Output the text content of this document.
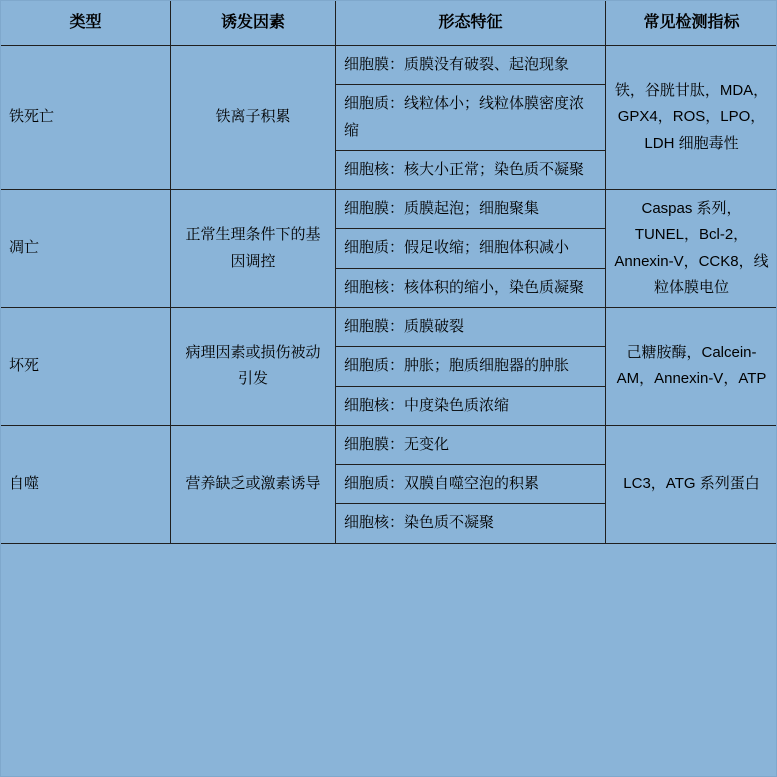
类型	诱发因素	形态特征	常见检测指标
铁死亡	铁离子积累	细胞膜：质膜没有破裂、起泡现象	铁，谷胱甘肽，MDA，GPX4，ROS，LPO，LDH 细胞毒性
		细胞质：线粒体小；线粒体膜密度浓缩	
		细胞核：核大小正常；染色质不凝聚	
凋亡	正常生理条件下的基因调控	细胞膜：质膜起泡；细胞聚集	Caspas 系列，TUNEL，Bcl-2，Annexin-V，CCK8，线粒体膜电位
		细胞质：假足收缩；细胞体积减小	
		细胞核：核体积的缩小，染色质凝聚	
坏死	病理因素或损伤被动引发	细胞膜：质膜破裂	己糖胺酶，Calcein-AM，Annexin-V，ATP
		细胞质：肿胀；胞质细胞器的肿胀	
		细胞核：中度染色质浓缩	
自噬	营养缺乏或激素诱导	细胞膜：无变化	LC3，ATG 系列蛋白
		细胞质：双膜自噬空泡的积累	
		细胞核：染色质不凝聚	
